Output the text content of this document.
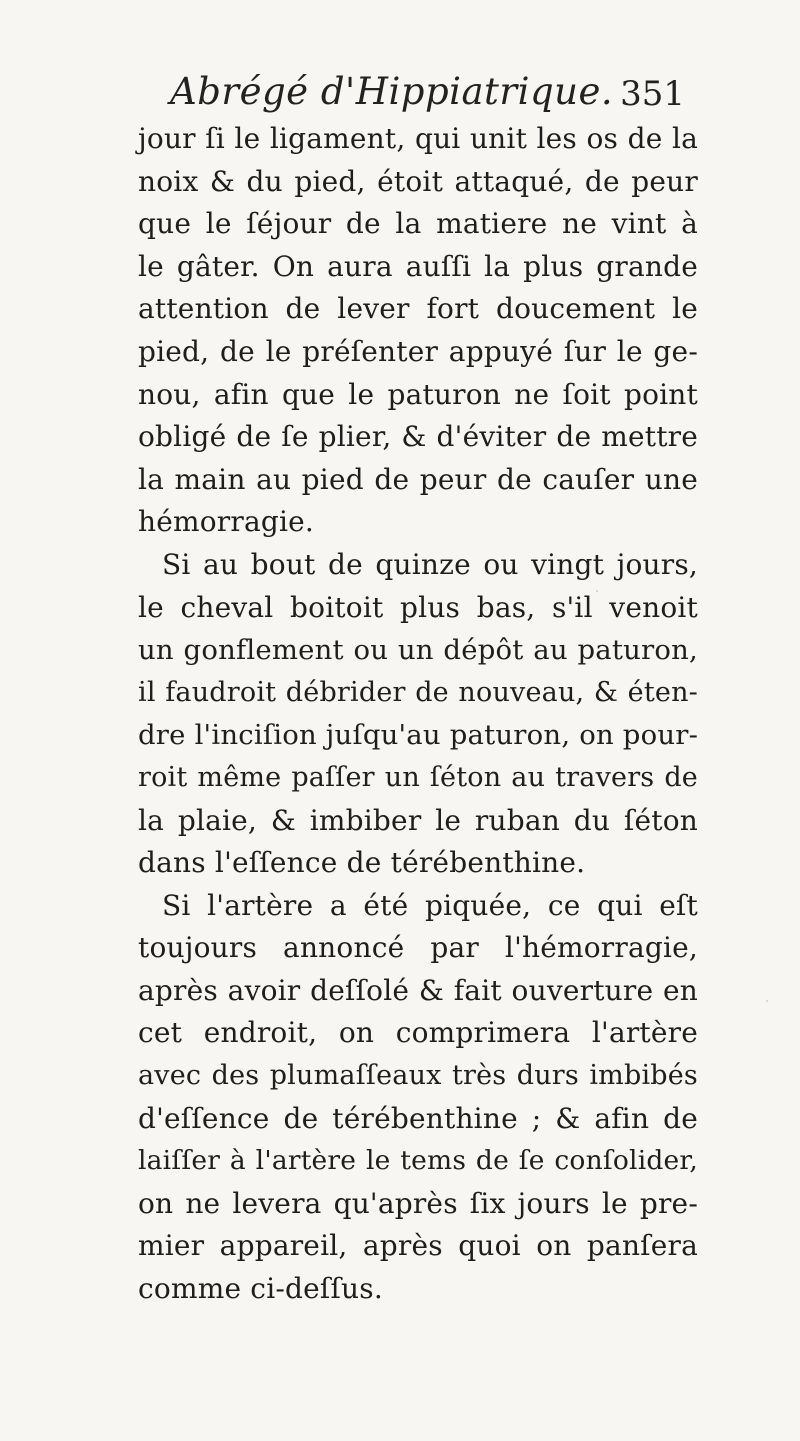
Abrégé d'Hippiatrique. 351
jour ſi le ligament, qui unit les os de la
noix & du pied, étoit attaqué, de peur
que le ſéjour de la matiere ne vint à
le gâter. On aura auſſi la plus grande
attention de lever fort doucement le
pied, de le préſenter appuyé ſur le ge-
nou, afin que le paturon ne ſoit point
obligé de ſe plier, & d'éviter de mettre
la main au pied de peur de cauſer une
hémorragie.
Si au bout de quinze ou vingt jours,
le cheval boitoit plus bas, s'il venoit
un gonflement ou un dépôt au paturon,
il faudroit débrider de nouveau, & éten-
dre l'inciſion juſqu'au paturon, on pour-
roit même paſſer un ſéton au travers de
la plaie, & imbiber le ruban du ſéton
dans l'eſſence de térébenthine.
Si l'artère a été piquée, ce qui eſt
toujours annoncé par l'hémorragie,
après avoir deſſolé & fait ouverture en
cet endroit, on comprimera l'artère
avec des plumaſſeaux très durs imbibés
d'eſſence de térébenthine ; & afin de
laiſſer à l'artère le tems de ſe conſolider,
on ne levera qu'après ſix jours le pre-
mier appareil, après quoi on panſera
comme ci-deſſus.
